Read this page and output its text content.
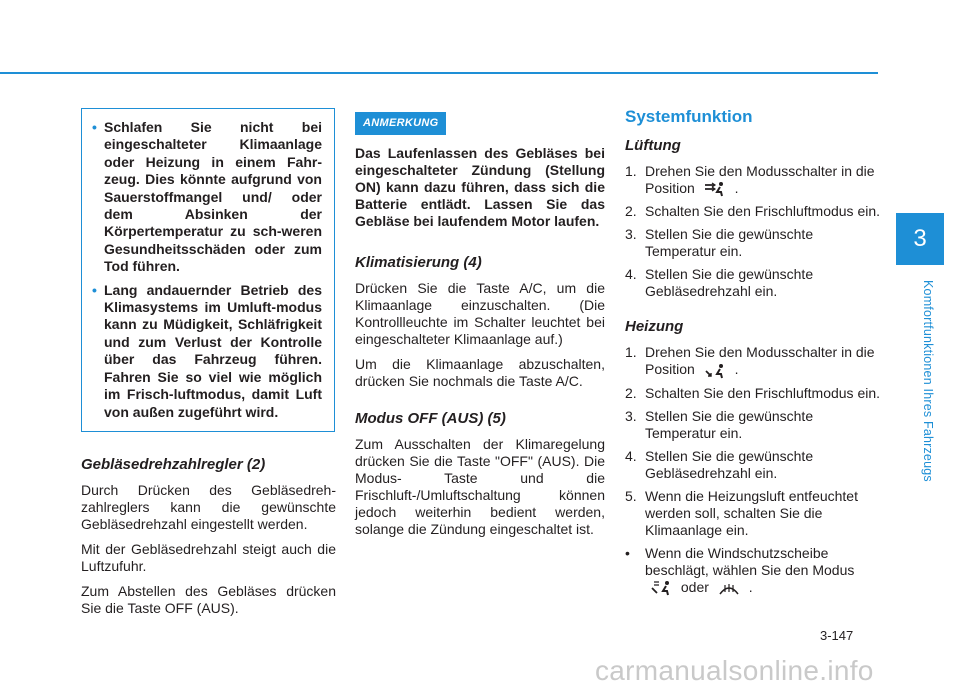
3
Komfortfunktionen Ihres Fahrzeugs
• Schlafen Sie nicht bei eingeschalteter Klimaanlage oder Heizung in einem Fahr-zeug. Dies könnte aufgrund von Sauerstoffmangel und/ oder dem Absinken der Körpertemperatur zu sch-weren Gesundheitsschäden oder zum Tod führen.
• Lang andauernder Betrieb des Klimasystems im Umluft-modus kann zu Müdigkeit, Schläfrigkeit und zum Verlust der Kontrolle über das Fahrzeug führen. Fahren Sie so viel wie möglich im Frisch-luftmodus, damit Luft von außen zugeführt wird.
Gebläsedrehzahlregler (2)

Durch Drücken des Gebläsedreh-zahlreglers kann die gewünschte Gebläsedrehzahl eingestellt werden.

Mit der Gebläsedrehzahl steigt auch die Luftzufuhr.

Zum Abstellen des Gebläses drücken Sie die Taste OFF (AUS).

ANMERKUNG

Das Laufenlassen des Gebläses bei eingeschalteter Zündung (Stellung ON) kann dazu führen, dass sich die Batterie entlädt. Lassen Sie das Gebläse bei laufendem Motor laufen.

Klimatisierung (4)

Drücken Sie die Taste A/C, um die Klimaanlage einzuschalten. (Die Kontrollleuchte im Schalter leuchtet bei eingeschalteter Klimaanlage auf.)

Um die Klimaanlage abzuschalten, drücken Sie nochmals die Taste A/C.

Modus OFF (AUS) (5)

Zum Ausschalten der Klimaregelung drücken Sie die Taste "OFF" (AUS). Die Modus- Taste und die Frischluft-/Umluftschaltung können jedoch weiterhin bedient werden, solange die Zündung eingeschaltet ist.

Systemfunktion
Lüftung
1. Drehen Sie den Modusschalter in die Position	.
2. Schalten Sie den Frischluftmodus ein.
3. Stellen Sie die gewünschte Temperatur ein.
4. Stellen Sie die gewünschte Gebläsedrehzahl ein.
Heizung
1. Drehen Sie den Modusschalter in die Position	.
2. Schalten Sie den Frischluftmodus ein.
3. Stellen Sie die gewünschte Temperatur ein.
4. Stellen Sie die gewünschte Gebläsedrehzahl ein.
5. Wenn die Heizungsluft entfeuchtet werden soll, schalten Sie die Klimaanlage ein.
•	Wenn die Windschutzscheibe beschlägt, wählen Sie den Modus  oder	.
3-147
carmanualsonline.info
